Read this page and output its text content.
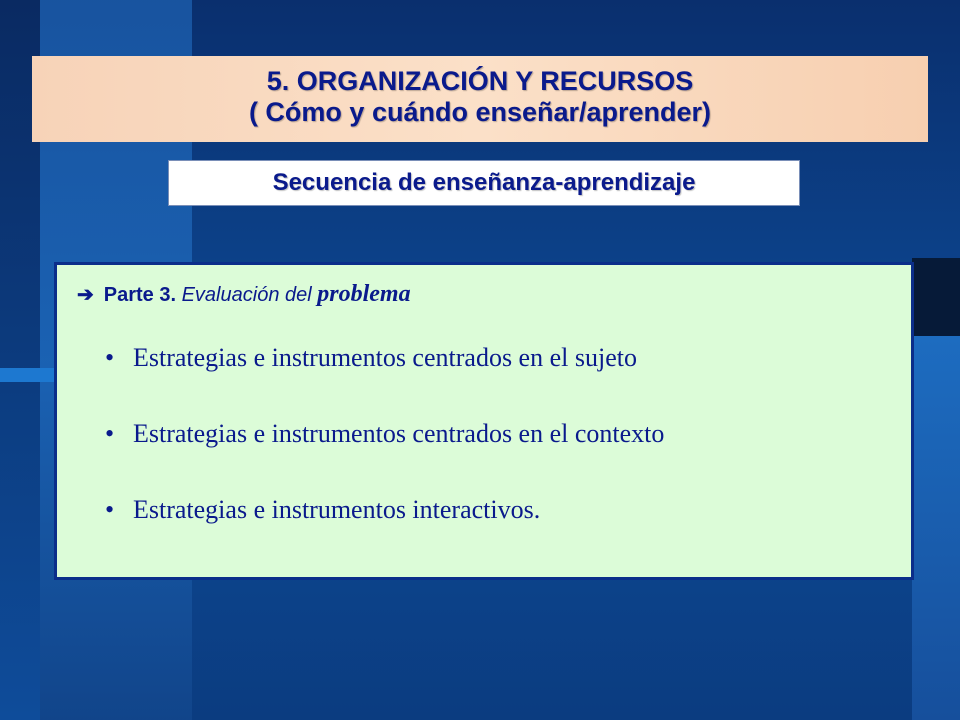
5. ORGANIZACIÓN Y RECURSOS
( Cómo y cuándo enseñar/aprender)
Secuencia de enseñanza-aprendizaje
➔ Parte 3. Evaluación del problema
• Estrategias e instrumentos centrados en el sujeto
• Estrategias e instrumentos centrados en el contexto
• Estrategias e instrumentos interactivos.
